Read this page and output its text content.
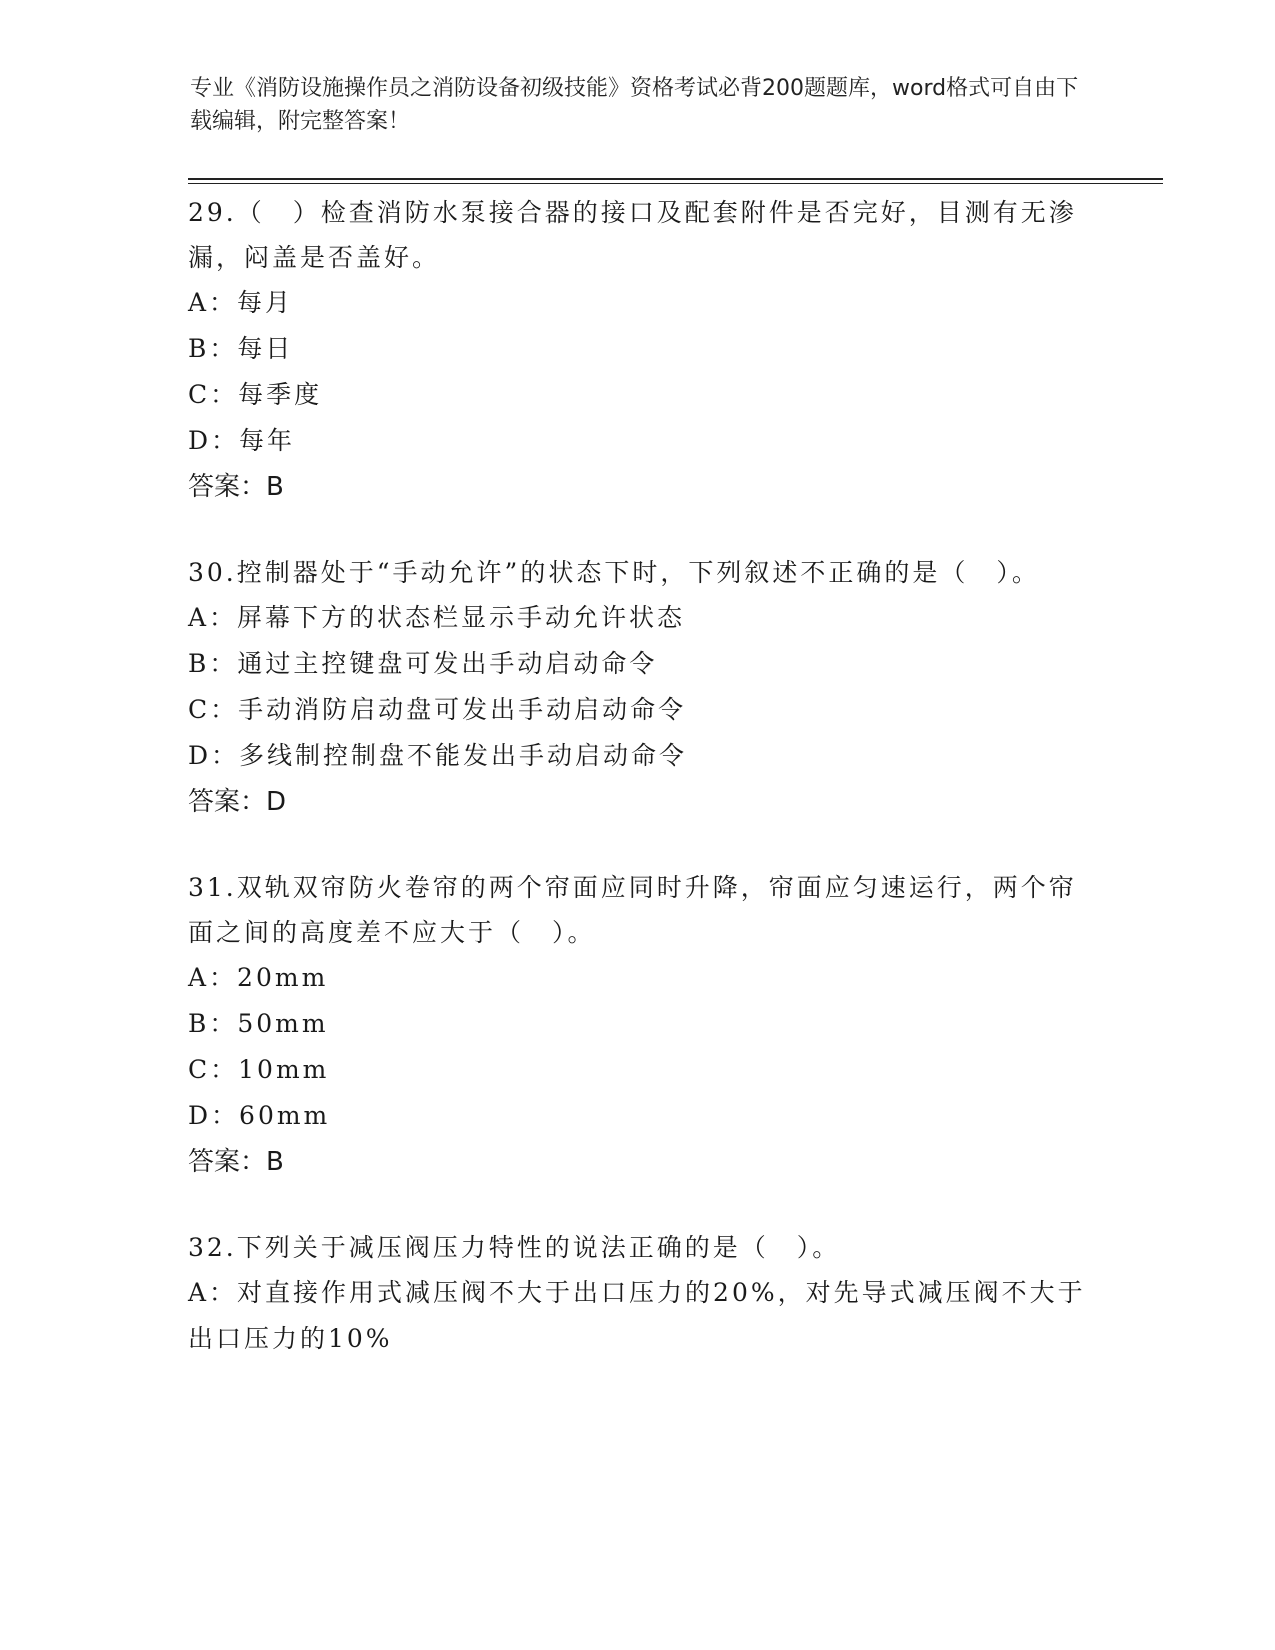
专业《消防设施操作员之消防设备初级技能》资格考试必背200题题库，word格式可自由下载编辑，附完整答案！

29.（　）检查消防水泵接合器的接口及配套附件是否完好，目测有无渗漏，闷盖是否盖好。

A：每月

B：每日

C：每季度

D：每年

答案：B

30.控制器处于“手动允许”的状态下时，下列叙述不正确的是（　）。

A：屏幕下方的状态栏显示手动允许状态

B：通过主控键盘可发出手动启动命令

C：手动消防启动盘可发出手动启动命令

D：多线制控制盘不能发出手动启动命令

答案：D

31.双轨双帘防火卷帘的两个帘面应同时升降，帘面应匀速运行，两个帘面之间的高度差不应大于（　）。

A：20mm

B：50mm

C：10mm

D：60mm

答案：B

32.下列关于减压阀压力特性的说法正确的是（　）。

A：对直接作用式减压阀不大于出口压力的20%，对先导式减压阀不大于出口压力的10%
